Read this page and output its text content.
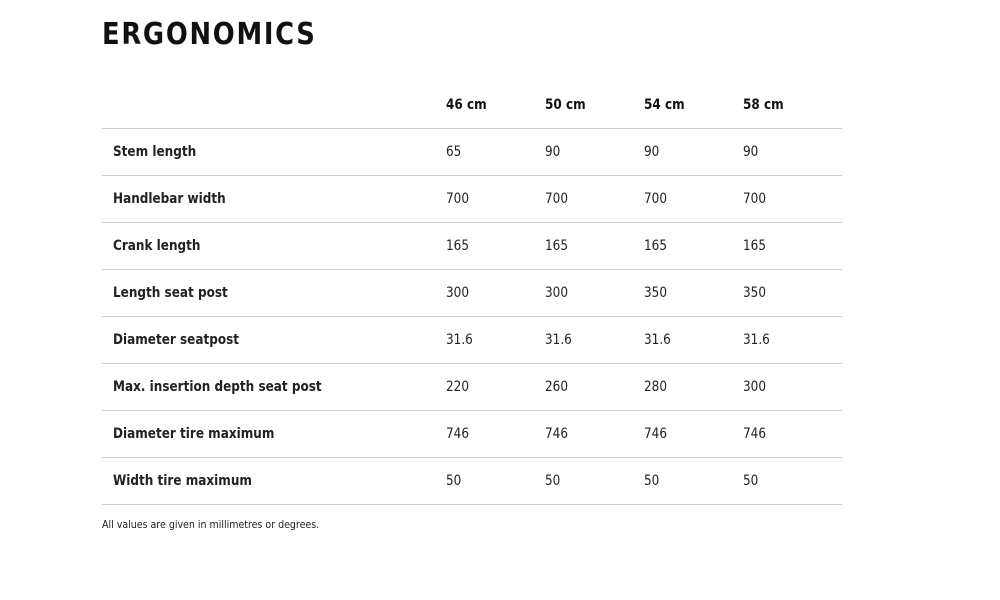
ERGONOMICS
	46 cm	50 cm	54 cm	58 cm
Stem length	65	90	90	90
Handlebar width	700	700	700	700
Crank length	165	165	165	165
Length seat post	300	300	350	350
Diameter seatpost	31.6	31.6	31.6	31.6
Max. insertion depth seat post	220	260	280	300
Diameter tire maximum	746	746	746	746
Width tire maximum	50	50	50	50

All values are given in millimetres or degrees.
